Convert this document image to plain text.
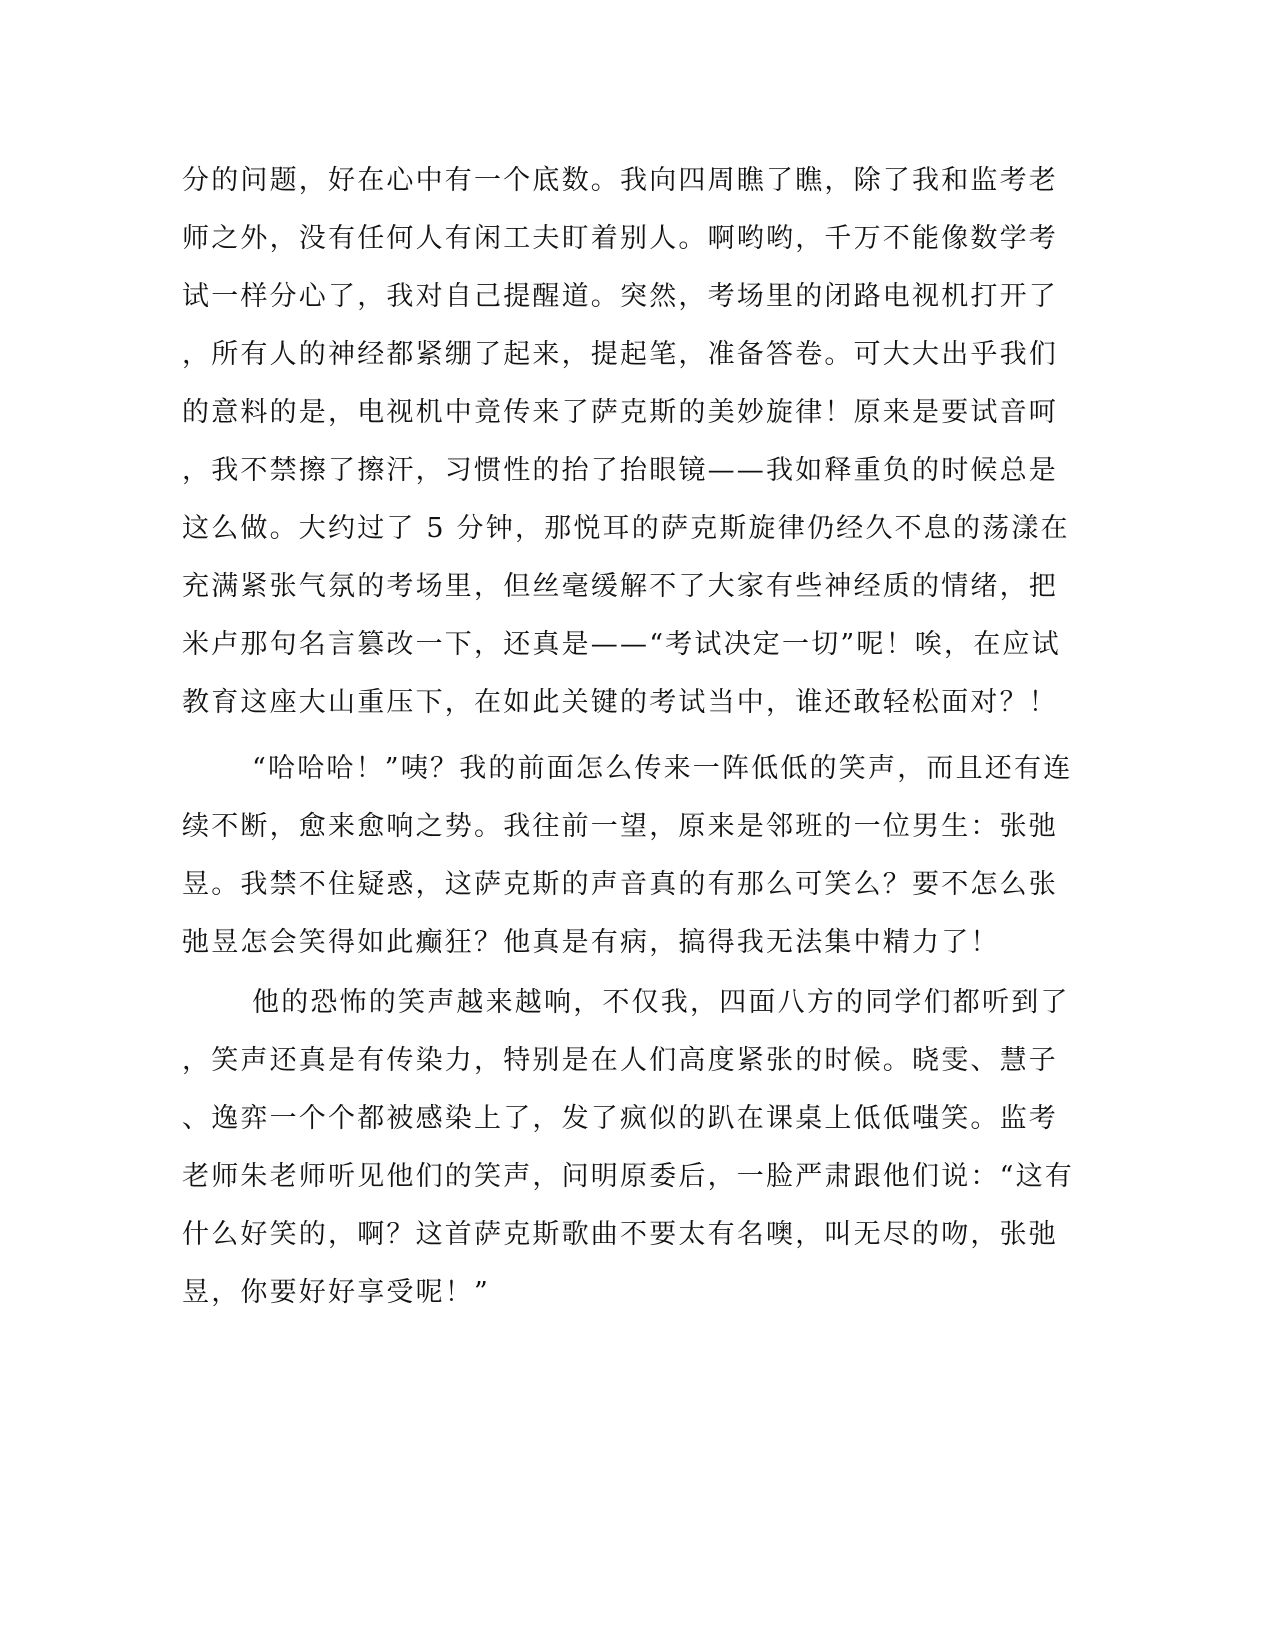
分的问题，好在心中有一个底数。我向四周瞧了瞧，除了我和监考老
师之外，没有任何人有闲工夫盯着别人。啊哟哟，千万不能像数学考
试一样分心了，我对自己提醒道。突然，考场里的闭路电视机打开了
，所有人的神经都紧绷了起来，提起笔，准备答卷。可大大出乎我们
的意料的是，电视机中竟传来了萨克斯的美妙旋律！原来是要试音呵
，我不禁擦了擦汗，习惯性的抬了抬眼镜——我如释重负的时候总是
这么做。大约过了 5 分钟，那悦耳的萨克斯旋律仍经久不息的荡漾在
充满紧张气氛的考场里，但丝毫缓解不了大家有些神经质的情绪，把
米卢那句名言篡改一下，还真是——“考试决定一切”呢！唉，在应试
教育这座大山重压下，在如此关键的考试当中，谁还敢轻松面对？！
“哈哈哈！”咦？我的前面怎么传来一阵低低的笑声，而且还有连
续不断，愈来愈响之势。我往前一望，原来是邻班的一位男生：张弛
昱。我禁不住疑惑，这萨克斯的声音真的有那么可笑么？要不怎么张
弛昱怎会笑得如此癫狂？他真是有病，搞得我无法集中精力了！
他的恐怖的笑声越来越响，不仅我，四面八方的同学们都听到了
，笑声还真是有传染力，特别是在人们高度紧张的时候。晓雯、慧子
、逸弈一个个都被感染上了，发了疯似的趴在课桌上低低嗤笑。监考
老师朱老师听见他们的笑声，问明原委后，一脸严肃跟他们说：“这有
什么好笑的，啊？这首萨克斯歌曲不要太有名噢，叫无尽的吻，张弛
昱，你要好好享受呢！”
